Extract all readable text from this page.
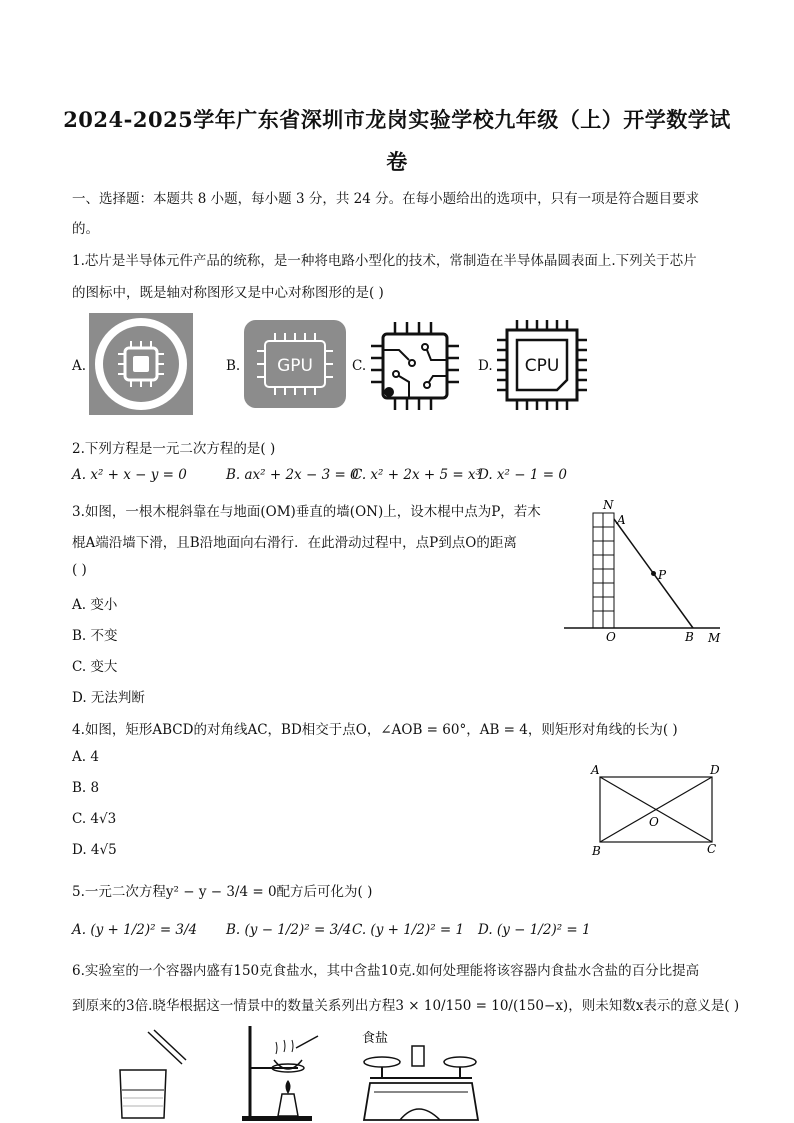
2024-2025学年广东省深圳市龙岗实验学校九年级（上）开学数学试
卷
一、选择题：本题共 8 小题，每小题 3 分，共 24 分。在每小题给出的选项中，只有一项是符合题目要求
的。
1.芯片是半导体元件产品的统称，是一种将电路小型化的技术，常制造在半导体晶圆表面上.下列关于芯片
的图标中，既是轴对称图形又是中心对称图形的是( )
A.	B. GPU	C.	D. CPU
2.下列方程是一元二次方程的是( )
A. x² + x − y = 0	B. ax² + 2x − 3 = 0
C. x² + 2x + 5 = x³
D. x² − 1 = 0
3.如图，一根木棍斜靠在与地面(OM)垂直的墙(ON)上，设木棍中点为P，若木
棍A端沿墙下滑，且B沿地面向右滑行．在此滑动过程中，点P到点O的距离
( )
A. 变小
B. 不变
C. 变大
D. 无法判断
N
A
P
O	B M
4.如图，矩形ABCD的对角线AC，BD相交于点O，∠AOB = 60°，AB = 4，则矩形对角线的长为( )
A. 4
B. 8
C. 4√3
D. 4√5
A	D
O
B	C
5.一元二次方程y² − y − 3/4 = 0配方后可化为( )
A. (y + 1/2)² = 3/4 B. (y − 1/2)² = 3/4 C. (y + 1/2)² = 1 D. (y − 1/2)² = 1
6.实验室的一个容器内盛有150克食盐水，其中含盐10克.如何处理能将该容器内食盐水含盐的百分比提高
到原来的3倍.晓华根据这一情景中的数量关系列出方程3 × 10/150 = 10/(150−x)，则未知数x表示的意义是( )
食盐
